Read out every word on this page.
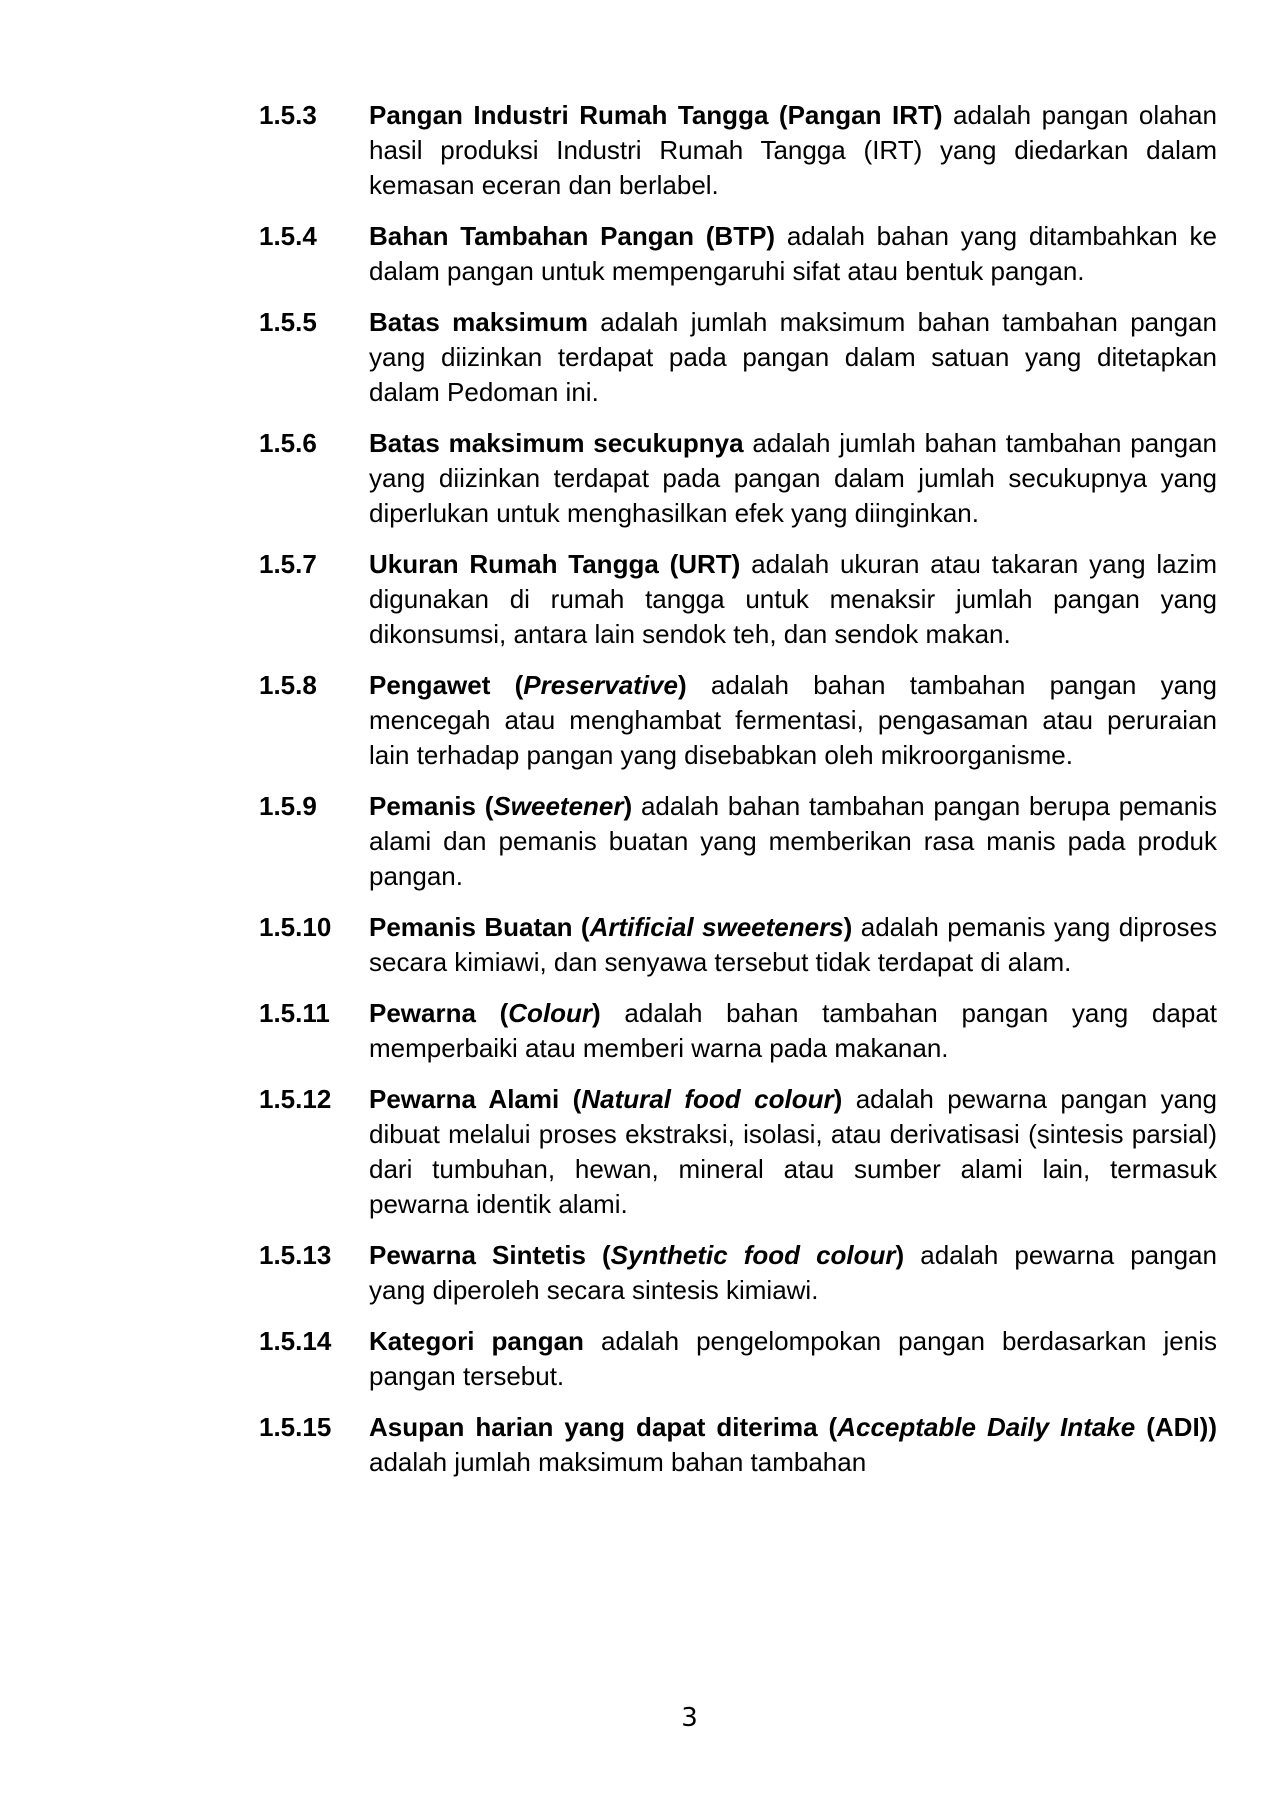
1.5.3	Pangan Industri Rumah Tangga (Pangan IRT) adalah pangan olahan hasil produksi Industri Rumah Tangga (IRT) yang diedarkan dalam kemasan eceran dan berlabel.
1.5.4	Bahan Tambahan Pangan (BTP) adalah bahan yang ditambahkan ke dalam pangan untuk mempengaruhi sifat atau bentuk pangan.
1.5.5	Batas maksimum adalah jumlah maksimum bahan tambahan pangan yang diizinkan terdapat pada pangan dalam satuan yang ditetapkan dalam Pedoman ini.
1.5.6	Batas maksimum secukupnya adalah jumlah bahan tambahan pangan yang diizinkan terdapat pada pangan dalam jumlah secukupnya yang diperlukan untuk menghasilkan efek yang diinginkan.
1.5.7	Ukuran Rumah Tangga (URT) adalah ukuran atau takaran yang lazim digunakan di rumah tangga untuk menaksir jumlah pangan yang dikonsumsi, antara lain sendok teh, dan sendok makan.
1.5.8	Pengawet (Preservative) adalah bahan tambahan pangan yang mencegah atau menghambat fermentasi, pengasaman atau peruraian lain terhadap pangan yang disebabkan oleh mikroorganisme.
1.5.9	Pemanis (Sweetener) adalah bahan tambahan pangan berupa pemanis alami dan pemanis buatan yang memberikan rasa manis pada produk pangan.
1.5.10	Pemanis Buatan (Artificial sweeteners) adalah pemanis yang diproses secara kimiawi, dan senyawa tersebut tidak terdapat di alam.
1.5.11	Pewarna (Colour) adalah bahan tambahan pangan yang dapat memperbaiki atau memberi warna pada makanan.
1.5.12	Pewarna Alami (Natural food colour) adalah pewarna pangan yang dibuat melalui proses ekstraksi, isolasi, atau derivatisasi (sintesis parsial) dari tumbuhan, hewan, mineral atau sumber alami lain, termasuk pewarna identik alami.
1.5.13	Pewarna Sintetis (Synthetic food colour) adalah pewarna pangan yang diperoleh secara sintesis kimiawi.
1.5.14	Kategori pangan adalah pengelompokan pangan berdasarkan jenis pangan tersebut.
1.5.15	Asupan harian yang dapat diterima (Acceptable Daily Intake (ADI)) adalah jumlah maksimum bahan tambahan
3
